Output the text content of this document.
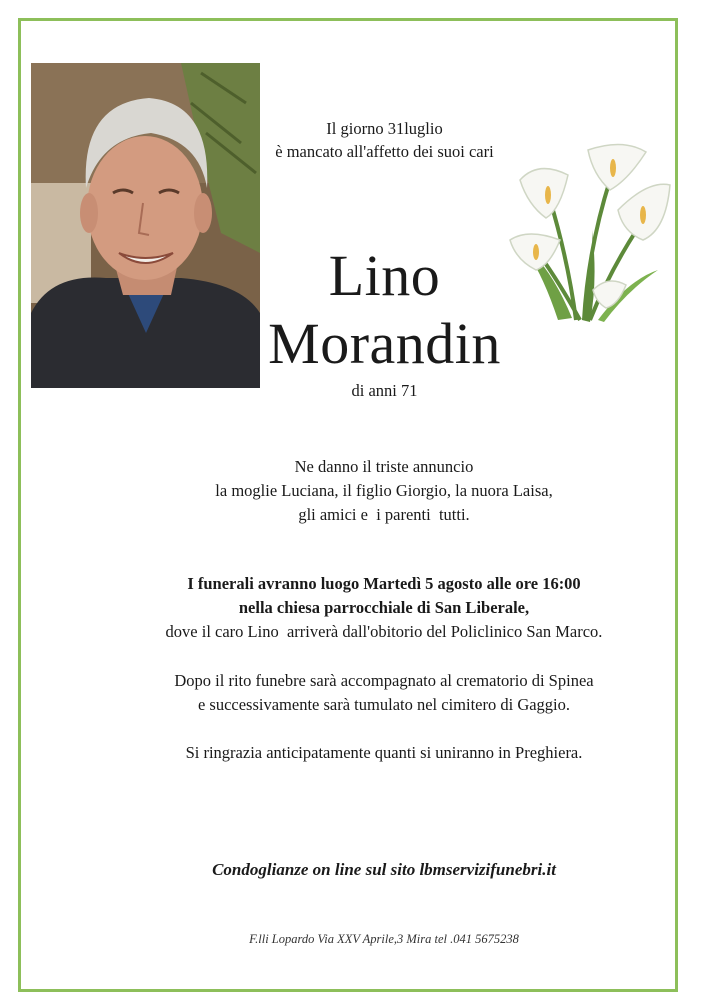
Il giorno 31luglio
è mancato all'affetto dei suoi cari
Lino
Morandin
di anni 71
Ne danno il triste annuncio
la moglie Luciana, il figlio Giorgio, la nuora Laisa,
gli amici e  i parenti  tutti.
I funerali avranno luogo Martedì 5 agosto alle ore 16:00
nella chiesa parrocchiale di San Liberale,
dove il caro Lino  arriverà dall'obitorio del Policlinico San Marco.
Dopo il rito funebre sarà accompagnato al crematorio di Spinea
e successivamente sarà tumulato nel cimitero di Gaggio.
Si ringrazia anticipatamente quanti si uniranno in Preghiera.
Condoglianze on line sul sito lbmservizifunebri.it
F.lli Lopardo Via XXV Aprile,3 Mira tel .041 5675238
